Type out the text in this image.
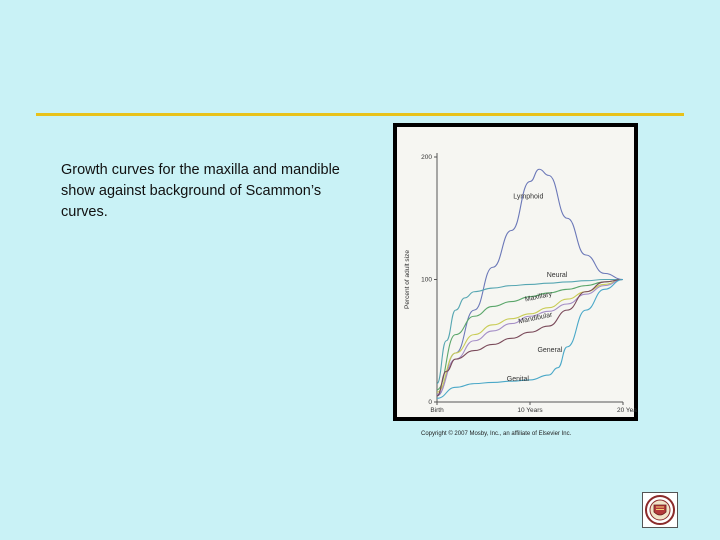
Growth curves for the maxilla and mandible show against background of Scammon’s curves.
0
100
200
Birth	10 Years	20 Yea
Percent of adult size
Lymphoid
Neural
Maxillary
Mandibular
General
Genital
Copyright © 2007 Mosby, Inc., an affiliate of Elsevier Inc.
